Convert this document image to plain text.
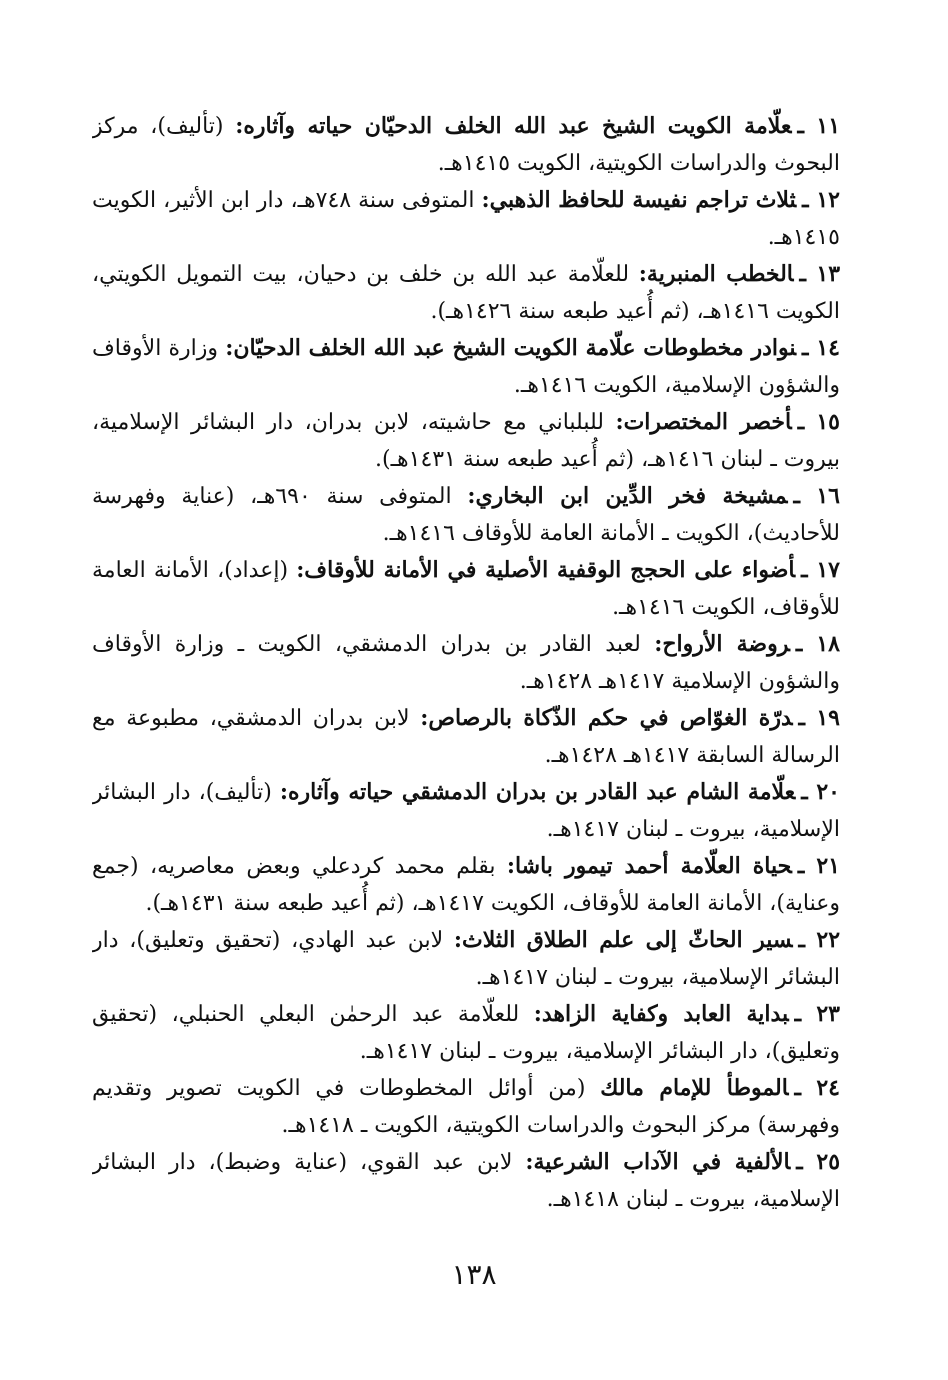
١١ ـعلّامة الكويت الشيخ عبد الله الخلف الدحيّان حياته وآثاره: (تأليف)، مركز البحوث والدراسات الكويتية، الكويت ١٤١٥هـ.
١٢ ـثلاث تراجم نفيسة للحافظ الذهبي: المتوفى سنة ٧٤٨هـ، دار ابن الأثير، الكويت ١٤١٥هـ.
١٣ ـالخطب المنبرية: للعلّامة عبد الله بن خلف بن دحيان، بيت التمويل الكويتي، الكويت ١٤١٦هـ، (ثم أُعيد طبعه سنة ١٤٢٦هـ).
١٤ ـنوادر مخطوطات علّامة الكويت الشيخ عبد الله الخلف الدحيّان: وزارة الأوقاف والشؤون الإسلامية، الكويت ١٤١٦هـ.
١٥ ـأخصر المختصرات: للبلباني مع حاشيته، لابن بدران، دار البشائر الإسلامية، بيروت ـ لبنان ١٤١٦هـ، (ثم أُعيد طبعه سنة ١٤٣١هـ).
١٦ ـمشيخة فخر الدِّين ابن البخاري: المتوفى سنة ٦٩٠هـ، (عناية وفهرسة للأحاديث)، الكويت ـ الأمانة العامة للأوقاف ١٤١٦هـ.
١٧ ـأضواء على الحجج الوقفية الأصلية في الأمانة للأوقاف: (إعداد)، الأمانة العامة للأوقاف، الكويت ١٤١٦هـ.
١٨ ـروضة الأرواح: لعبد القادر بن بدران الدمشقي، الكويت ـ وزارة الأوقاف والشؤون الإسلامية ١٤١٧هـ ١٤٢٨هـ.
١٩ ـدرّة الغوّاص في حكم الذّكاة بالرصاص: لابن بدران الدمشقي، مطبوعة مع الرسالة السابقة ١٤١٧هـ ١٤٢٨هـ.
٢٠ ـعلّامة الشام عبد القادر بن بدران الدمشقي حياته وآثاره: (تأليف)، دار البشائر الإسلامية، بيروت ـ لبنان ١٤١٧هـ.
٢١ ـحياة العلّامة أحمد تيمور باشا: بقلم محمد كردعلي وبعض معاصريه، (جمع وعناية)، الأمانة العامة للأوقاف، الكويت ١٤١٧هـ، (ثم أُعيد طبعه سنة ١٤٣١هـ).
٢٢ ـسير الحاثّ إلى علم الطلاق الثلاث: لابن عبد الهادي، (تحقيق وتعليق)، دار البشائر الإسلامية، بيروت ـ لبنان ١٤١٧هـ.
٢٣ ـبداية العابد وكفاية الزاهد: للعلّامة عبد الرحمٰن البعلي الحنبلي، (تحقيق وتعليق)، دار البشائر الإسلامية، بيروت ـ لبنان ١٤١٧هـ.
٢٤ ـالموطأ للإمام مالك (من أوائل المخطوطات في الكويت تصوير وتقديم وفهرسة) مركز البحوث والدراسات الكويتية، الكويت ـ ١٤١٨هـ.
٢٥ ـالألفية في الآداب الشرعية: لابن عبد القوي، (عناية وضبط)، دار البشائر الإسلامية، بيروت ـ لبنان ١٤١٨هـ.
١٣٨
